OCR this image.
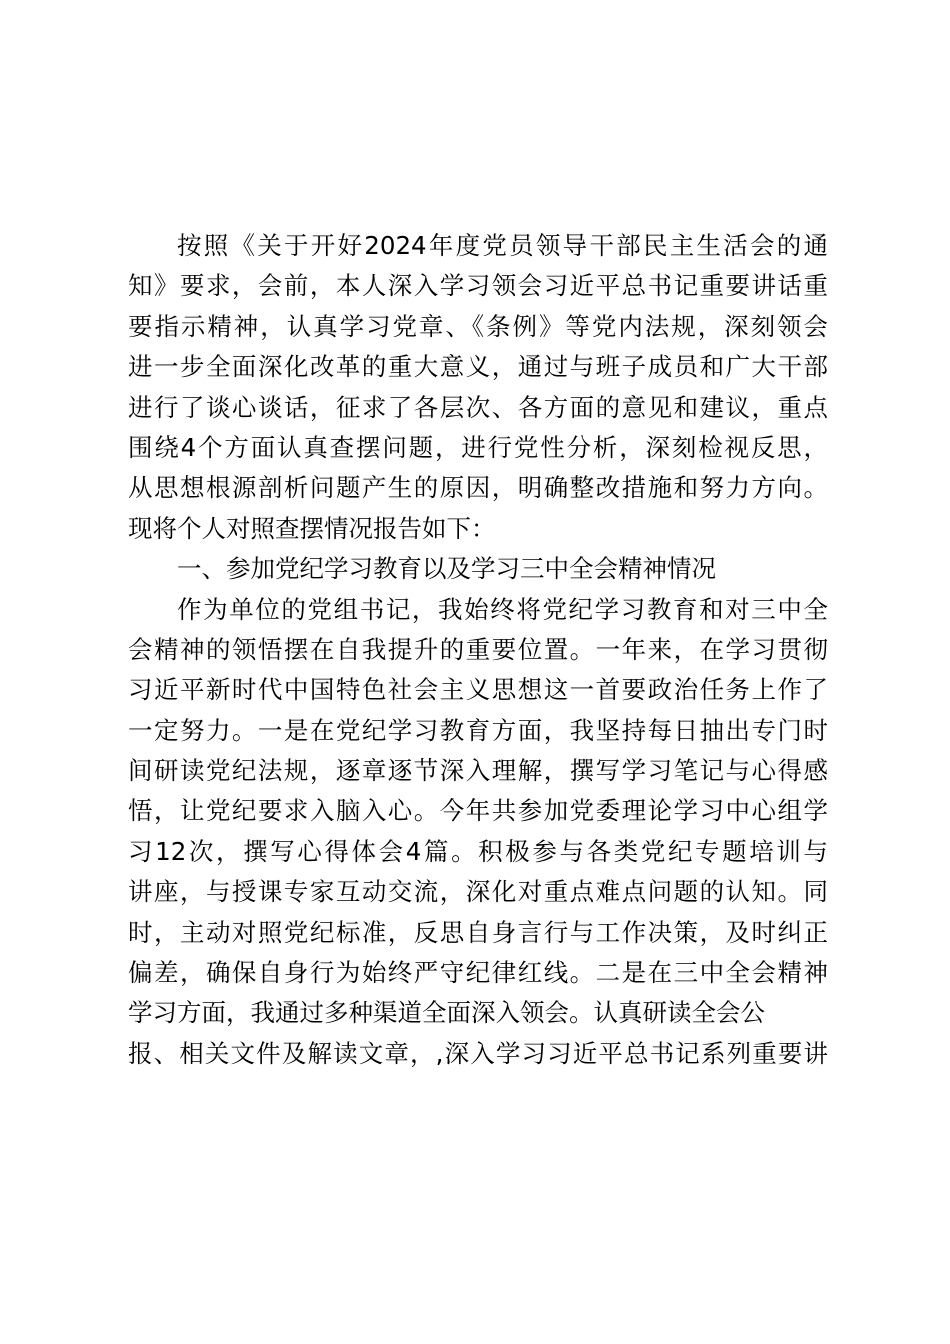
按照《关于开好2024年度党员领导干部民主生活会的通
知》要求，会前，本人深入学习领会习近平总书记重要讲话重
要指示精神，认真学习党章、《条例》等党内法规，深刻领会
进一步全面深化改革的重大意义，通过与班子成员和广大干部
进行了谈心谈话，征求了各层次、各方面的意见和建议，重点
围绕4个方面认真查摆问题，进行党性分析，深刻检视反思，
从思想根源剖析问题产生的原因，明确整改措施和努力方向。
现将个人对照查摆情况报告如下：
一、参加党纪学习教育以及学习三中全会精神情况
作为单位的党组书记，我始终将党纪学习教育和对三中全
会精神的领悟摆在自我提升的重要位置。一年来，在学习贯彻
习近平新时代中国特色社会主义思想这一首要政治任务上作了
一定努力。一是在党纪学习教育方面，我坚持每日抽出专门时
间研读党纪法规，逐章逐节深入理解，撰写学习笔记与心得感
悟，让党纪要求入脑入心。今年共参加党委理论学习中心组学
习12次，撰写心得体会4篇。积极参与各类党纪专题培训与
讲座，与授课专家互动交流，深化对重点难点问题的认知。同
时，主动对照党纪标准，反思自身言行与工作决策，及时纠正
偏差，确保自身行为始终严守纪律红线。二是在三中全会精神
学习方面，我通过多种渠道全面深入领会。认真研读全会公
报、相关文件及解读文章，,深入学习习近平总书记系列重要讲
